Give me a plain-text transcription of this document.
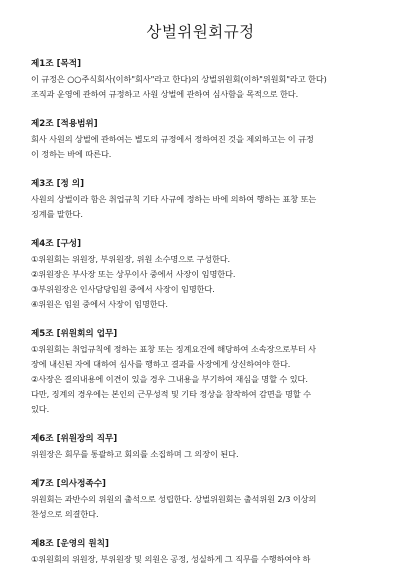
상벌위원회규정

제1조 [목적]

이 규정은 ○○주식회사(이하"회사"라고 한다)의 상벌위원회(이하"위원회"라고 한다)

조직과 운영에 관하여 규정하고 사원 상벌에 관하여 심사함을 목적으로 한다.

제2조 [적용범위]

회사 사원의 상벌에 관하여는 별도의 규정에서 정하여진 것을 제외하고는 이 규정

이 정하는 바에 따른다.

제3조 [정 의]

사원의 상벌이라 함은 취업규칙 기타 사규에 정하는 바에 의하여 행하는 표창 또는

징계를 말한다.

제4조 [구성]

①위원회는 위원장, 부위원장, 위원 소수명으로 구성한다.

②위원장은 부사장 또는 상무이사 중에서 사장이 임명한다.

③부위원장은 인사담당임원 중에서 사장이 임명한다.

④위원은 임원 중에서 사장이 임명한다.

제5조 [위원회의 업무]

①위원회는 취업규칙에 정하는 표창 또는 징계요건에 해당하여 소속장으로부터 사

장에 내신된 자에 대하여 심사를 행하고 결과를 사장에게 상신하여야 한다.

②사장은 결의내용에 이견이 있을 경우 그내용을 부기하여 재심을 명할 수 있다.

다만, 징계의 경우에는 본인의 근무성적 및 기타 정상을 참작하여 감면을 명할 수

있다.

제6조 [위원장의 직무]

위원장은 회무를 통괄하고 회의를 소집하며 그 의장이 된다.

제7조 [의사정족수]

위원회는 과반수의 위원의 출석으로 성립한다. 상벌위원회는 출석위원 2/3 이상의

찬성으로 의결한다.

제8조 [운영의 원칙]

①위원회의 위원장, 부위원장 및 의원은 공정, 성실하게 그 직무를 수행하여야 하
